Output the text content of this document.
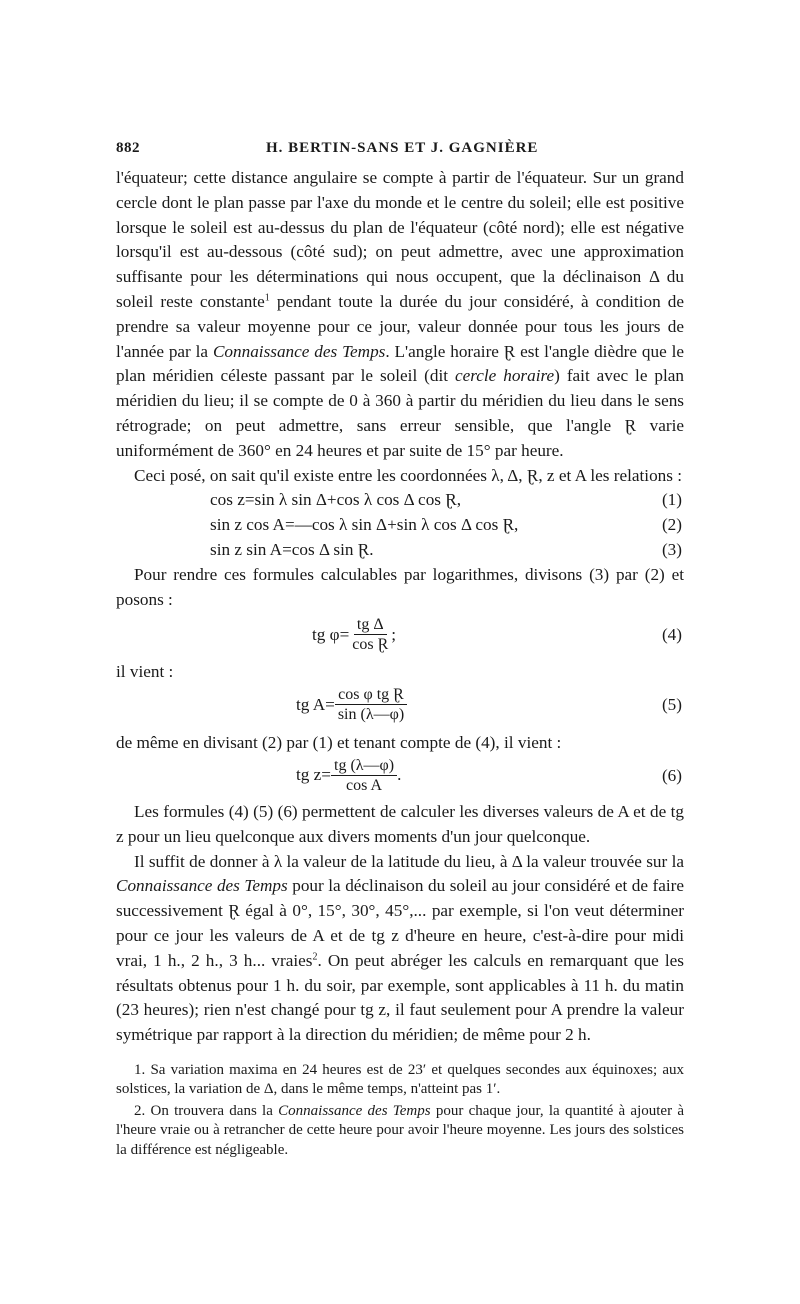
882	H. BERTIN-SANS ET J. GAGNIÈRE

l'équateur; cette distance angulaire se compte à partir de l'équateur. Sur un grand cercle dont le plan passe par l'axe du monde et le centre du soleil; elle est positive lorsque le soleil est au-dessus du plan de l'équateur (côté nord); elle est négative lorsqu'il est au-dessous (côté sud); on peut admettre, avec une approximation suffisante pour les déterminations qui nous occupent, que la déclinaison Δ du soleil reste constante$^1$ pendant toute la durée du jour considéré, à condition de prendre sa valeur moyenne pour ce jour, valeur donnée pour tous les jours de l'année par la Connaissance des Temps. L'angle horaire Ɽ est l'angle dièdre que le plan méridien céleste passant par le soleil (dit cercle horaire) fait avec le plan méridien du lieu; il se compte de 0 à 360 à partir du méridien du lieu dans le sens rétrograde; on peut admettre, sans erreur sensible, que l'angle Ɽ varie uniformément de 360° en 24 heures et par suite de 15° par heure.

Ceci posé, on sait qu'il existe entre les coordonnées λ, Δ, Ɽ, z et A les relations :

cos z=sin λ sin Δ+cos λ cos Δ cos Ɽ,	(1)
sin z cos A=—cos λ sin Δ+sin λ cos Δ cos Ɽ,	(2)
sin z sin A=cos Δ sin Ɽ.	(3)

Pour rendre ces formules calculables par logarithmes, divisons (3) par (2) et posons :

tg $\varphi= \frac{\text{tg Δ}}{\text{cos Ɽ}}$ ;	(4)

il vient :

tg $A= \frac{\text{cos φ tg Ɽ}}{\sin (\lambda—\varphi)}$	(5)

de même en divisant (2) par (1) et tenant compte de (4), il vient :

tg $z= \frac{tg (\lambda—\varphi)}{\text{cos A}}$ .	(6)

Les formules (4) (5) (6) permettent de calculer les diverses valeurs de A et de tg z pour un lieu quelconque aux divers moments d'un jour quelconque.

Il suffit de donner à λ la valeur de la latitude du lieu, à Δ la valeur trouvée sur la Connaissance des Temps pour la déclinaison du soleil au jour considéré et de faire successivement Ɽ égal à 0°, 15°, 30°, 45°,... par exemple, si l'on veut déterminer pour ce jour les valeurs de A et de tg z d'heure en heure, c'est-à-dire pour midi vrai, 1 h., 2 h., 3 h... vraies$^2$. On peut abréger les calculs en remarquant que les résultats obtenus pour 1 h. du soir, par exemple, sont applicables à 11 h. du matin (23 heures); rien n'est changé pour tg z, il faut seulement pour A prendre la valeur symétrique par rapport à la direction du méridien; de même pour 2 h.

1. Sa variation maxima en 24 heures est de 23′ et quelques secondes aux équinoxes; aux solstices, la variation de Δ, dans le même temps, n'atteint pas 1′.

2. On trouvera dans la Connaissance des Temps pour chaque jour, la quantité à ajouter à l'heure vraie ou à retrancher de cette heure pour avoir l'heure moyenne. Les jours des solstices la différence est négligeable.
